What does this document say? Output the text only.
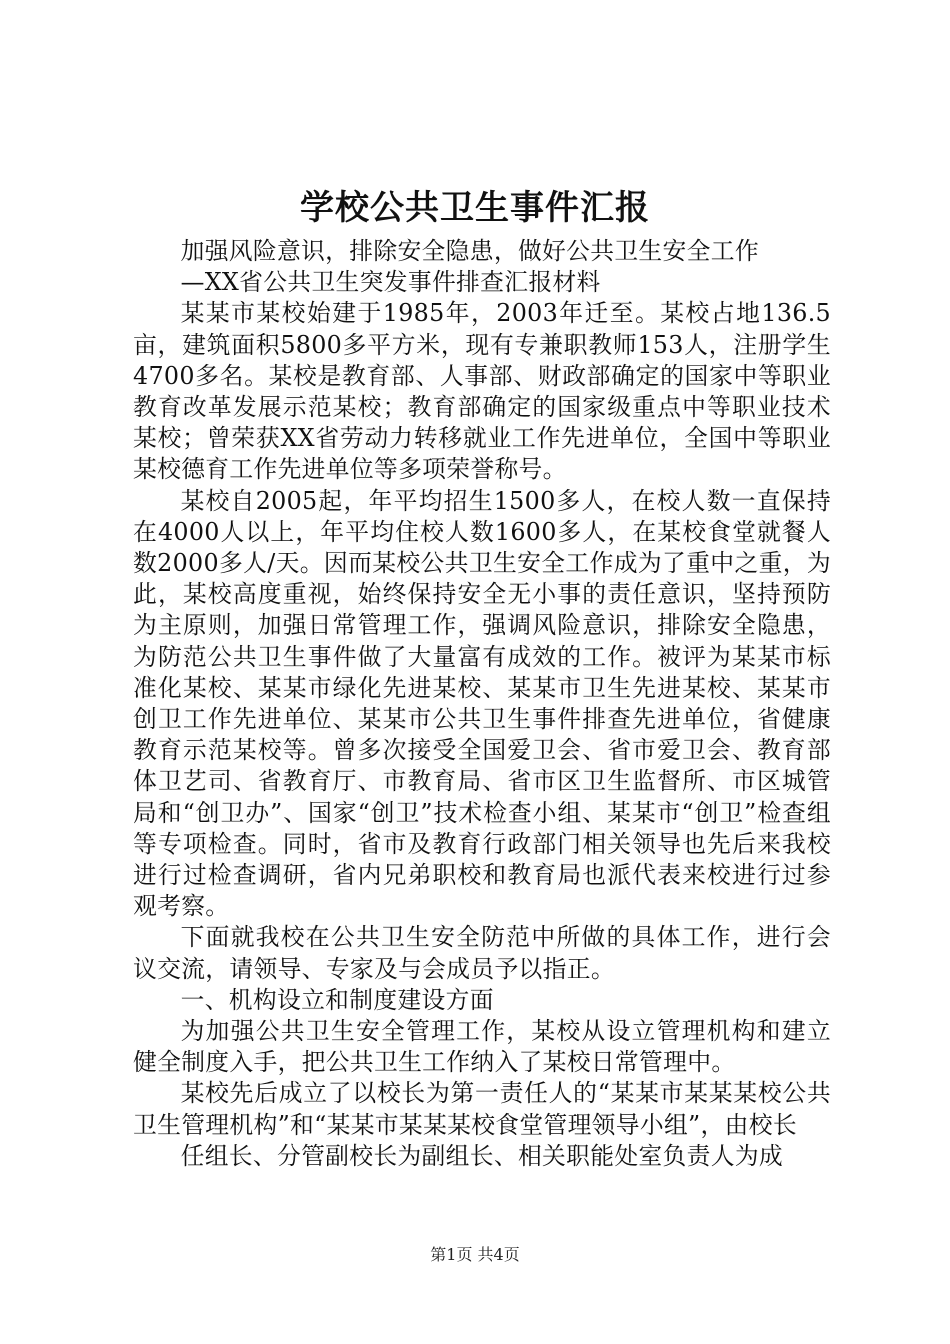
学校公共卫生事件汇报

加强风险意识，排除安全隐患，做好公共卫生安全工作

—XX省公共卫生突发事件排查汇报材料

某某市某校始建于1985年，2003年迁至。某校占地136.5亩，建筑面积5800多平方米，现有专兼职教师153人，注册学生4700多名。某校是教育部、人事部、财政部确定的国家中等职业教育改革发展示范某校；教育部确定的国家级重点中等职业技术某校；曾荣获XX省劳动力转移就业工作先进单位，全国中等职业某校德育工作先进单位等多项荣誉称号。

某校自2005起，年平均招生1500多人，在校人数一直保持在4000人以上，年平均住校人数1600多人，在某校食堂就餐人数2000多人/天。因而某校公共卫生安全工作成为了重中之重，为此，某校高度重视，始终保持安全无小事的责任意识，坚持预防为主原则，加强日常管理工作，强调风险意识，排除安全隐患，为防范公共卫生事件做了大量富有成效的工作。被评为某某市标准化某校、某某市绿化先进某校、某某市卫生先进某校、某某市创卫工作先进单位、某某市公共卫生事件排查先进单位，省健康教育示范某校等。曾多次接受全国爱卫会、省市爱卫会、教育部体卫艺司、省教育厅、市教育局、省市区卫生监督所、市区城管局和“创卫办”、国家“创卫”技术检查小组、某某市“创卫”检查组等专项检查。同时，省市及教育行政部门相关领导也先后来我校进行过检查调研，省内兄弟职校和教育局也派代表来校进行过参观考察。

下面就我校在公共卫生安全防范中所做的具体工作，进行会议交流，请领导、专家及与会成员予以指正。

一、机构设立和制度建设方面

为加强公共卫生安全管理工作，某校从设立管理机构和建立健全制度入手，把公共卫生工作纳入了某校日常管理中。

某校先后成立了以校长为第一责任人的“某某市某某某校公共卫生管理机构”和“某某市某某某校食堂管理领导小组”，由校长

任组长、分管副校长为副组长、相关职能处室负责人为成

第1页 共4页
